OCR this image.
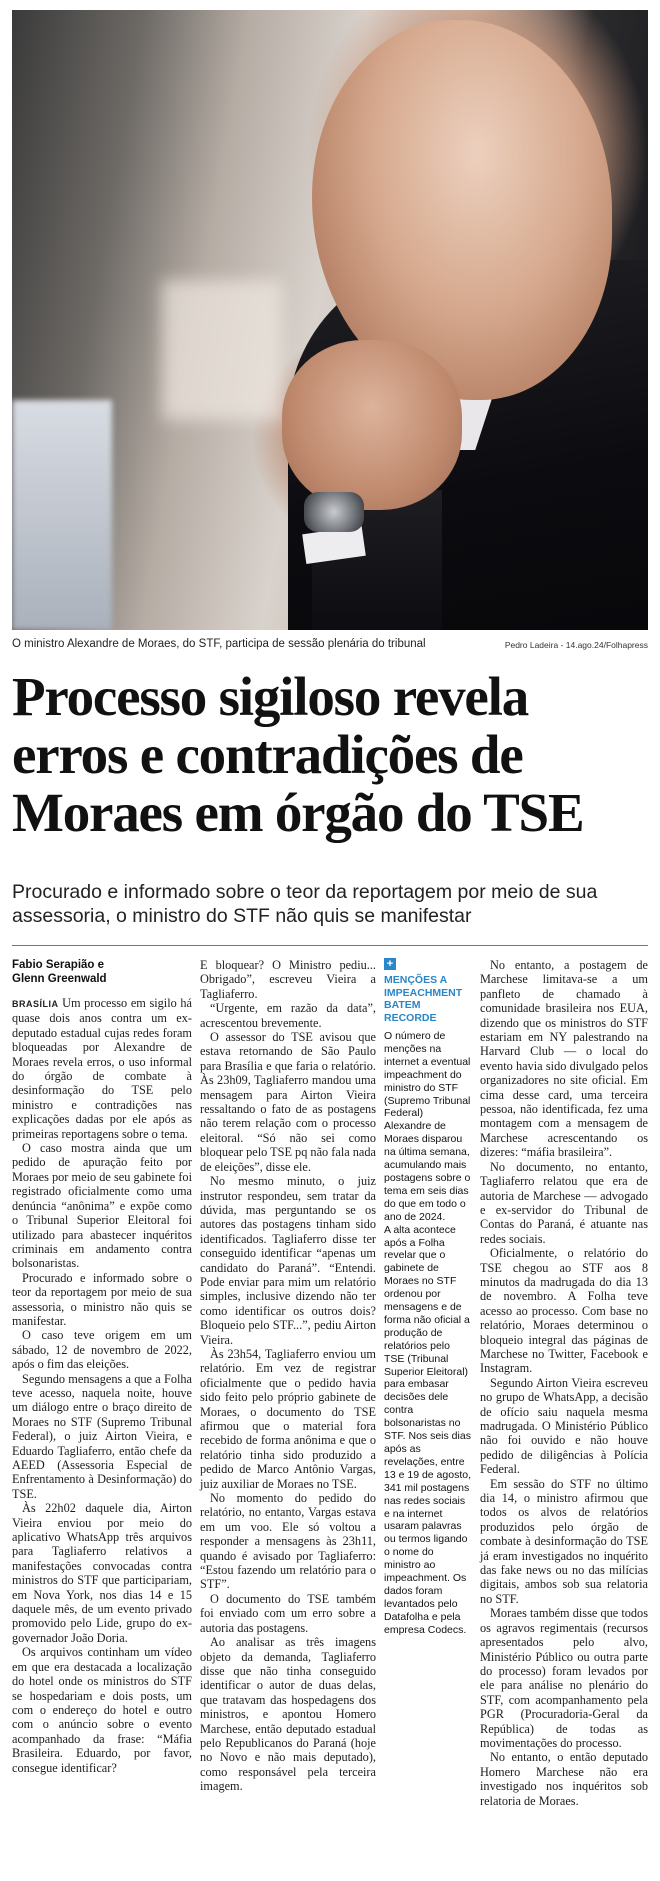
O ministro Alexandre de Moraes, do STF, participa de sessão plenária do tribunal	Pedro Ladeira - 14.ago.24/Folhapress
Processo sigiloso revela
erros e contradições de
Moraes em órgão do TSE

Procurado e informado sobre o teor da reportagem por meio de sua assessoria, o ministro do STF não quis se manifestar

Fabio Serapião e
Glenn Greenwald

BRASÍLIA Um processo em sigilo há quase dois anos contra um ex-deputado estadual cujas redes foram bloqueadas por Alexandre de Moraes revela erros, o uso informal do órgão de combate à desinformação do TSE pelo ministro e contradições nas explicações dadas por ele após as primeiras reportagens sobre o tema.

O caso mostra ainda que um pedido de apuração feito por Moraes por meio de seu gabinete foi registrado oficialmente como uma denúncia “anônima” e expõe como o Tribunal Superior Eleitoral foi utilizado para abastecer inquéritos criminais em andamento contra bolsonaristas.

Procurado e informado sobre o teor da reportagem por meio de sua assessoria, o ministro não quis se manifestar.

O caso teve origem em um sábado, 12 de novembro de 2022, após o fim das eleições.

Segundo mensagens a que a Folha teve acesso, naquela noite, houve um diálogo entre o braço direito de Moraes no STF (Supremo Tribunal Federal), o juiz Airton Vieira, e Eduardo Tagliaferro, então chefe da AEED (Assessoria Especial de Enfrentamento à Desinformação) do TSE.

Às 22h02 daquele dia, Airton Vieira enviou por meio do aplicativo WhatsApp três arquivos para Tagliaferro relativos a manifestações convocadas contra ministros do STF que participariam, em Nova York, nos dias 14 e 15 daquele mês, de um evento privado promovido pelo Lide, grupo do ex-governador João Doria.

Os arquivos continham um vídeo em que era destacada a localização do hotel onde os ministros do STF se hospedariam e dois posts, um com o endereço do hotel e outro com o anúncio sobre o evento acompanhado da frase: “Máfia Brasileira. Eduardo, por favor, consegue identificar?

E bloquear? O Ministro pediu... Obrigado”, escreveu Vieira a Tagliaferro.

“Urgente, em razão da data”, acrescentou brevemente.

O assessor do TSE avisou que estava retornando de São Paulo para Brasília e que faria o relatório. Às 23h09, Tagliaferro mandou uma mensagem para Airton Vieira ressaltando o fato de as postagens não terem relação com o processo eleitoral. “Só não sei como bloquear pelo TSE pq não fala nada de eleições”, disse ele.

No mesmo minuto, o juiz instrutor respondeu, sem tratar da dúvida, mas perguntando se os autores das postagens tinham sido identificados. Tagliaferro disse ter conseguido identificar “apenas um candidato do Paraná”. “Entendi. Pode enviar para mim um relatório simples, inclusive dizendo não ter como identificar os outros dois? Bloqueio pelo STF...”, pediu Airton Vieira.

Às 23h54, Tagliaferro enviou um relatório. Em vez de registrar oficialmente que o pedido havia sido feito pelo próprio gabinete de Moraes, o documento do TSE afirmou que o material fora recebido de forma anônima e que o relatório tinha sido produzido a pedido de Marco Antônio Vargas, juiz auxiliar de Moraes no TSE.

No momento do pedido do relatório, no entanto, Vargas estava em um voo. Ele só voltou a responder a mensagens às 23h11, quando é avisado por Tagliaferro: “Estou fazendo um relatório para o STF”.

O documento do TSE também foi enviado com um erro sobre a autoria das postagens.

Ao analisar as três imagens objeto da demanda, Tagliaferro disse que não tinha conseguido identificar o autor de duas delas, que tratavam das hospedagens dos ministros, e apontou Homero Marchese, então deputado estadual pelo Republicanos do Paraná (hoje no Novo e não mais deputado), como responsável pela terceira imagem.

+
MENÇÕES A IMPEACHMENT BATEM RECORDE

O número de menções na internet a eventual impeachment do ministro do STF (Supremo Tribunal Federal) Alexandre de Moraes disparou na última semana, acumulando mais postagens sobre o tema em seis dias do que em todo o ano de 2024.

A alta acontece após a Folha revelar que o gabinete de Moraes no STF ordenou por mensagens e de forma não oficial a produção de relatórios pelo TSE (Tribunal Superior Eleitoral) para embasar decisões dele contra bolsonaristas no STF. Nos seis dias após as revelações, entre 13 e 19 de agosto, 341 mil postagens nas redes sociais e na internet usaram palavras ou termos ligando o nome do ministro ao impeachment. Os dados foram levantados pelo Datafolha e pela empresa Codecs.

No entanto, a postagem de Marchese limitava-se a um panfleto de chamado à comunidade brasileira nos EUA, dizendo que os ministros do STF estariam em NY palestrando na Harvard Club — o local do evento havia sido divulgado pelos organizadores no site oficial. Em cima desse card, uma terceira pessoa, não identificada, fez uma montagem com a mensagem de Marchese acrescentando os dizeres: “máfia brasileira”.

No documento, no entanto, Tagliaferro relatou que era de autoria de Marchese — advogado e ex-servidor do Tribunal de Contas do Paraná, é atuante nas redes sociais.

Oficialmente, o relatório do TSE chegou ao STF aos 8 minutos da madrugada do dia 13 de novembro. A Folha teve acesso ao processo. Com base no relatório, Moraes determinou o bloqueio integral das páginas de Marchese no Twitter, Facebook e Instagram.

Segundo Airton Vieira escreveu no grupo de WhatsApp, a decisão de ofício saiu naquela mesma madrugada. O Ministério Público não foi ouvido e não houve pedido de diligências à Polícia Federal.

Em sessão do STF no último dia 14, o ministro afirmou que todos os alvos de relatórios produzidos pelo órgão de combate à desinformação do TSE já eram investigados no inquérito das fake news ou no das milícias digitais, ambos sob sua relatoria no STF.

Moraes também disse que todos os agravos regimentais (recursos apresentados pelo alvo, Ministério Público ou outra parte do processo) foram levados por ele para análise no plenário do STF, com acompanhamento pela PGR (Procuradoria-Geral da República) de todas as movimentações do processo.

No entanto, o então deputado Homero Marchese não era investigado nos inquéritos sob relatoria de Moraes.
